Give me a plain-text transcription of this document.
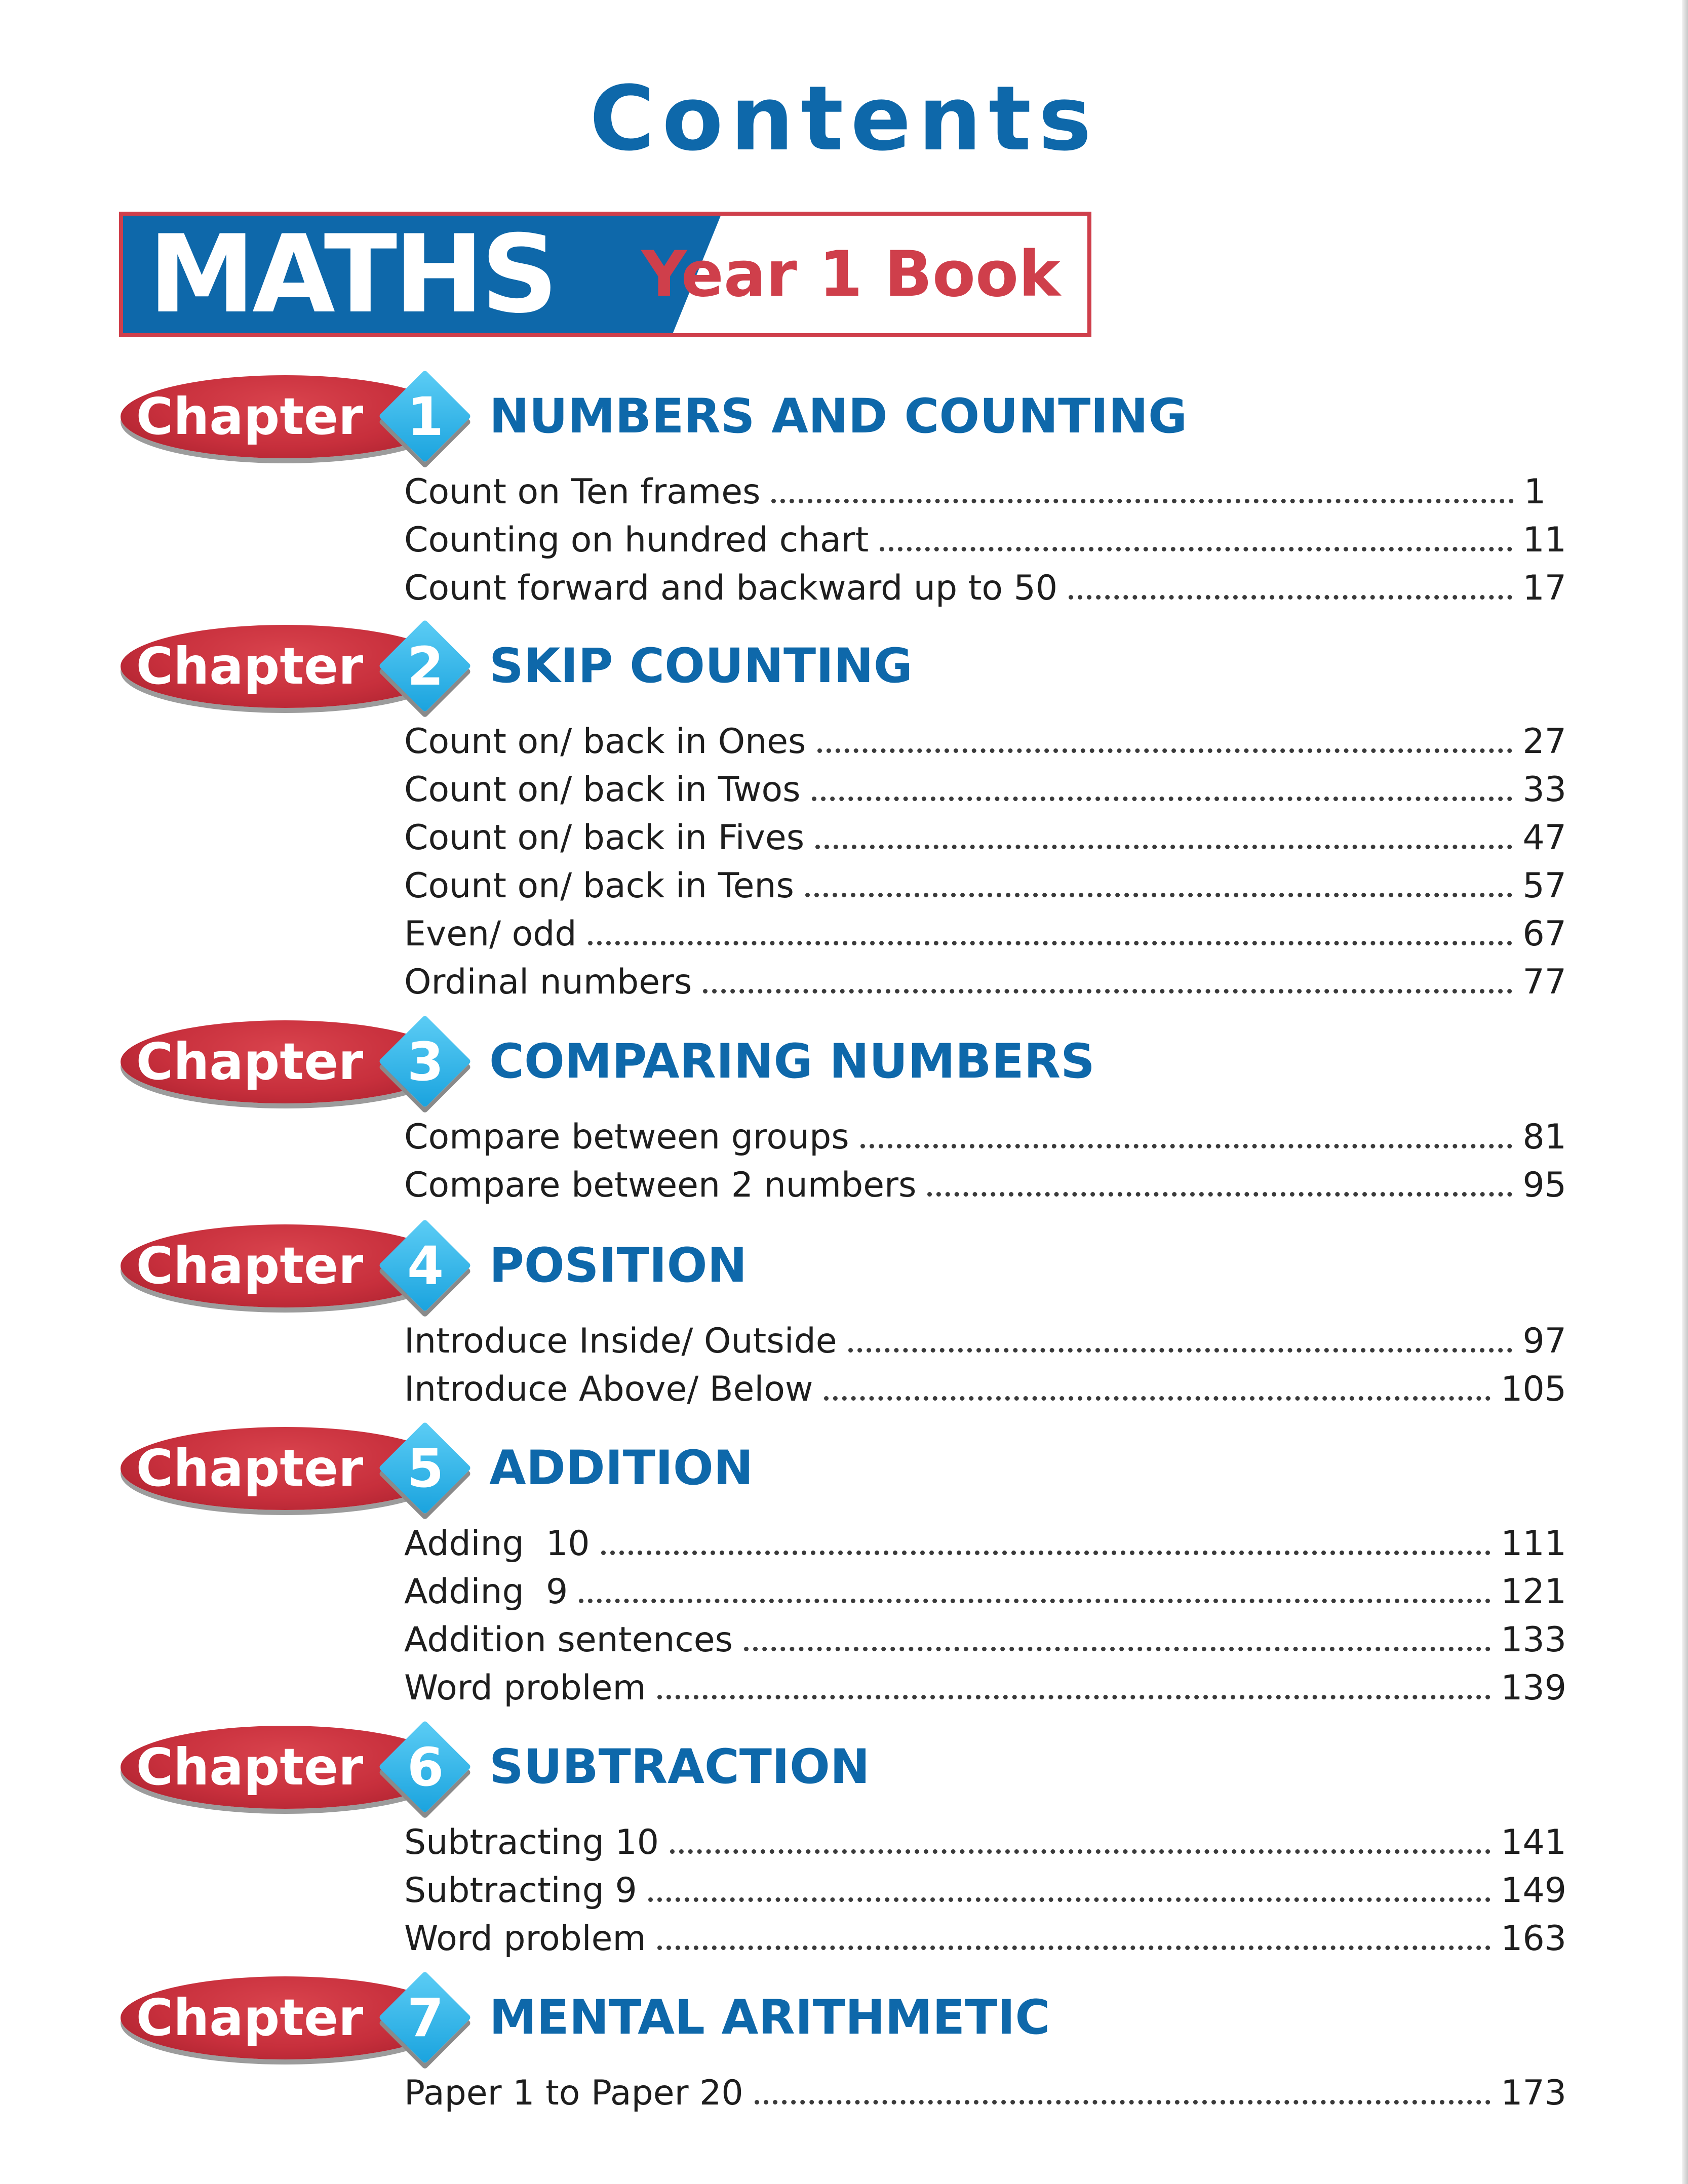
Contents
MATHS	Year 1 Book
Chapter 1 NUMBERS AND COUNTING
Count on Ten frames	1
Counting on hundred chart	11
Count forward and backward up to 50	17
Chapter 2 SKIP COUNTING
Count on/ back in Ones	27
Count on/ back in Twos	33
Count on/ back in Fives	47
Count on/ back in Tens	57
Even/ odd	67
Ordinal numbers	77
Chapter 3 COMPARING NUMBERS
Compare between groups	81
Compare between 2 numbers	95
Chapter 4 POSITION
Introduce Inside/ Outside	97
Introduce Above/ Below	105
Chapter 5 ADDITION
Adding  10	111
Adding  9	121
Addition sentences	133
Word problem	139
Chapter 6 SUBTRACTION
Subtracting 10	141
Subtracting 9	149
Word problem	163
Chapter 7 MENTAL ARITHMETIC
Paper 1 to Paper 20	173
